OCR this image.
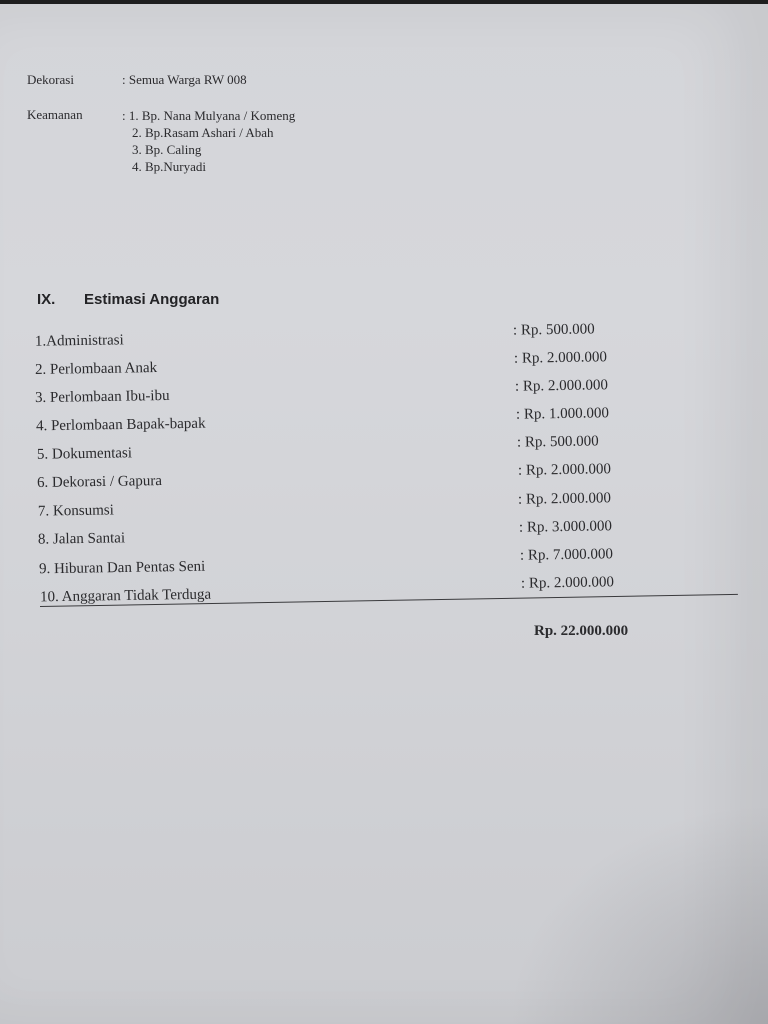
Dekorasi	: Semua Warga RW 008
Keamanan	: 1. Bp. Nana Mulyana / Komeng
2. Bp.Rasam Ashari / Abah
3. Bp. Caling
4. Bp.Nuryadi
IX. Estimasi Anggaran
1.Administrasi
: Rp. 500.000
2. Perlombaan Anak
: Rp. 2.000.000
3. Perlombaan Ibu-ibu
: Rp. 2.000.000
4. Perlombaan Bapak-bapak
: Rp. 1.000.000
5. Dokumentasi
: Rp. 500.000
6. Dekorasi / Gapura
: Rp. 2.000.000
7. Konsumsi
: Rp. 2.000.000
8. Jalan Santai
: Rp. 3.000.000
9. Hiburan Dan Pentas Seni
: Rp. 7.000.000
10. Anggaran Tidak Terduga
: Rp. 2.000.000
Rp. 22.000.000
